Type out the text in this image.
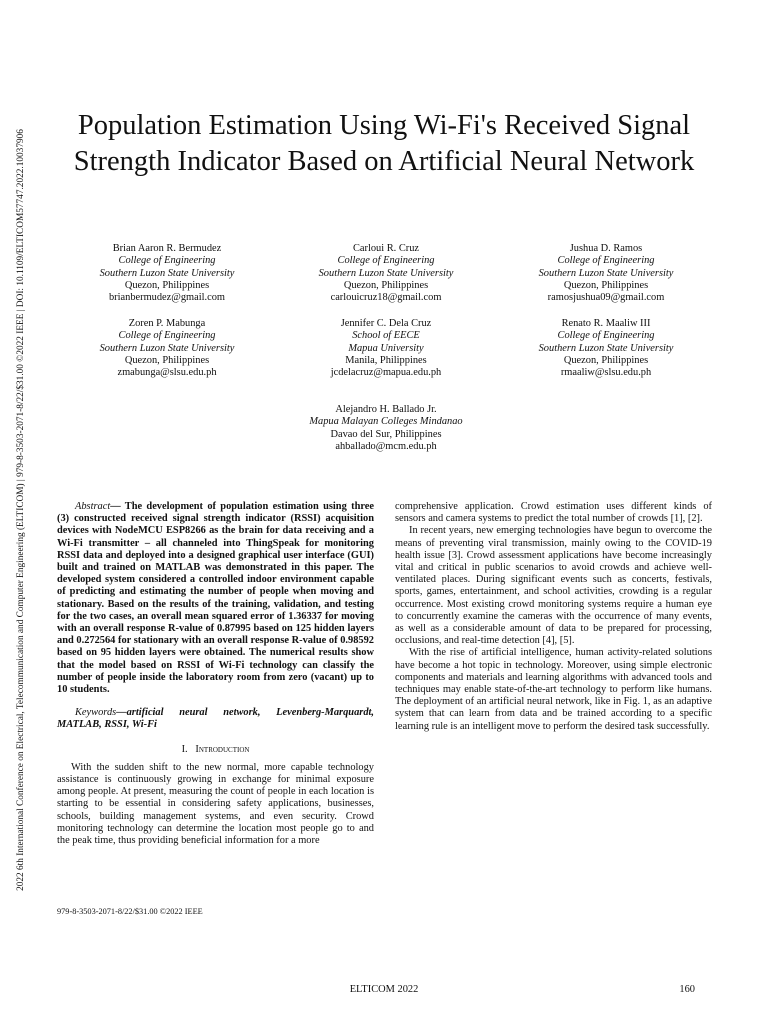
2022 6th International Conference on Electrical, Telecommunication and Computer Engineering (ELTICOM) | 979-8-3503-2071-8/22/$31.00 ©2022 IEEE | DOI: 10.1109/ELTICOM57747.2022.10037906
Population Estimation Using Wi-Fi's Received Signal Strength Indicator Based on Artificial Neural Network
Brian Aaron R. Bermudez
College of Engineering
Southern Luzon State University
Quezon, Philippines
brianbermudez@gmail.com
Carloui R. Cruz
College of Engineering
Southern Luzon State University
Quezon, Philippines
carlouicruz18@gmail.com
Jushua D. Ramos
College of Engineering
Southern Luzon State University
Quezon, Philippines
ramosjushua09@gmail.com
Zoren P. Mabunga
College of Engineering
Southern Luzon State University
Quezon, Philippines
zmabunga@slsu.edu.ph
Jennifer C. Dela Cruz
School of EECE
Mapua University
Manila, Philippines
jcdelacruz@mapua.edu.ph
Renato R. Maaliw III
College of Engineering
Southern Luzon State University
Quezon, Philippines
rmaaliw@slsu.edu.ph
Alejandro H. Ballado Jr.
Mapua Malayan Colleges Mindanao
Davao del Sur, Philippines
ahballado@mcm.edu.ph

Abstract— The development of population estimation using three (3) constructed received signal strength indicator (RSSI) acquisition devices with NodeMCU ESP8266 as the brain for data receiving and a Wi-Fi transmitter – all channeled into ThingSpeak for monitoring RSSI data and deployed into a designed graphical user interface (GUI) built and trained on MATLAB was demonstrated in this paper. The developed system considered a controlled indoor environment capable of predicting and estimating the number of people when moving and stationary. Based on the results of the training, validation, and testing for the two cases, an overall mean squared error of 1.36337 for moving with an overall response R-value of 0.87995 based on 125 hidden layers and 0.272564 for stationary with an overall response R-value of 0.98592 based on 95 hidden layers were obtained. The numerical results show that the model based on RSSI of Wi-Fi technology can classify the number of people inside the laboratory room from zero (vacant) up to 10 students.

Keywords—artificial neural network, Levenberg-Marquardt, MATLAB, RSSI, Wi-Fi

I. Introduction

With the sudden shift to the new normal, more capable technology assistance is continuously growing in exchange for minimal exposure among people. At present, measuring the count of people in each location is starting to be essential in considering safety applications, businesses, schools, building management systems, and even security. Crowd monitoring technology can determine the location most people go to and the peak time, thus providing beneficial information for a more

comprehensive application. Crowd estimation uses different kinds of sensors and camera systems to predict the total number of crowds [1], [2].

In recent years, new emerging technologies have begun to overcome the means of preventing viral transmission, mainly owing to the COVID-19 health issue [3]. Crowd assessment applications have become increasingly vital and critical in public scenarios to avoid crowds and achieve well-ventilated places. During significant events such as concerts, festivals, sports, games, entertainment, and school activities, crowding is a regular occurrence. Most existing crowd monitoring systems require a human eye to concurrently examine the cameras with the occurrence of many events, as well as a considerable amount of data to be prepared for processing, occlusions, and real-time detection [4], [5].

With the rise of artificial intelligence, human activity-related solutions have become a hot topic in technology. Moreover, using simple electronic components and materials and learning algorithms with advanced tools and techniques may enable state-of-the-art technology to perform like humans. The deployment of an artificial neural network, like in Fig. 1, as an adaptive system that can learn from data and be trained according to a specific learning rule is an intelligent move to perform the desired task successfully.

979-8-3503-2071-8/22/$31.00 ©2022 IEEE
ELTICOM 2022	160
